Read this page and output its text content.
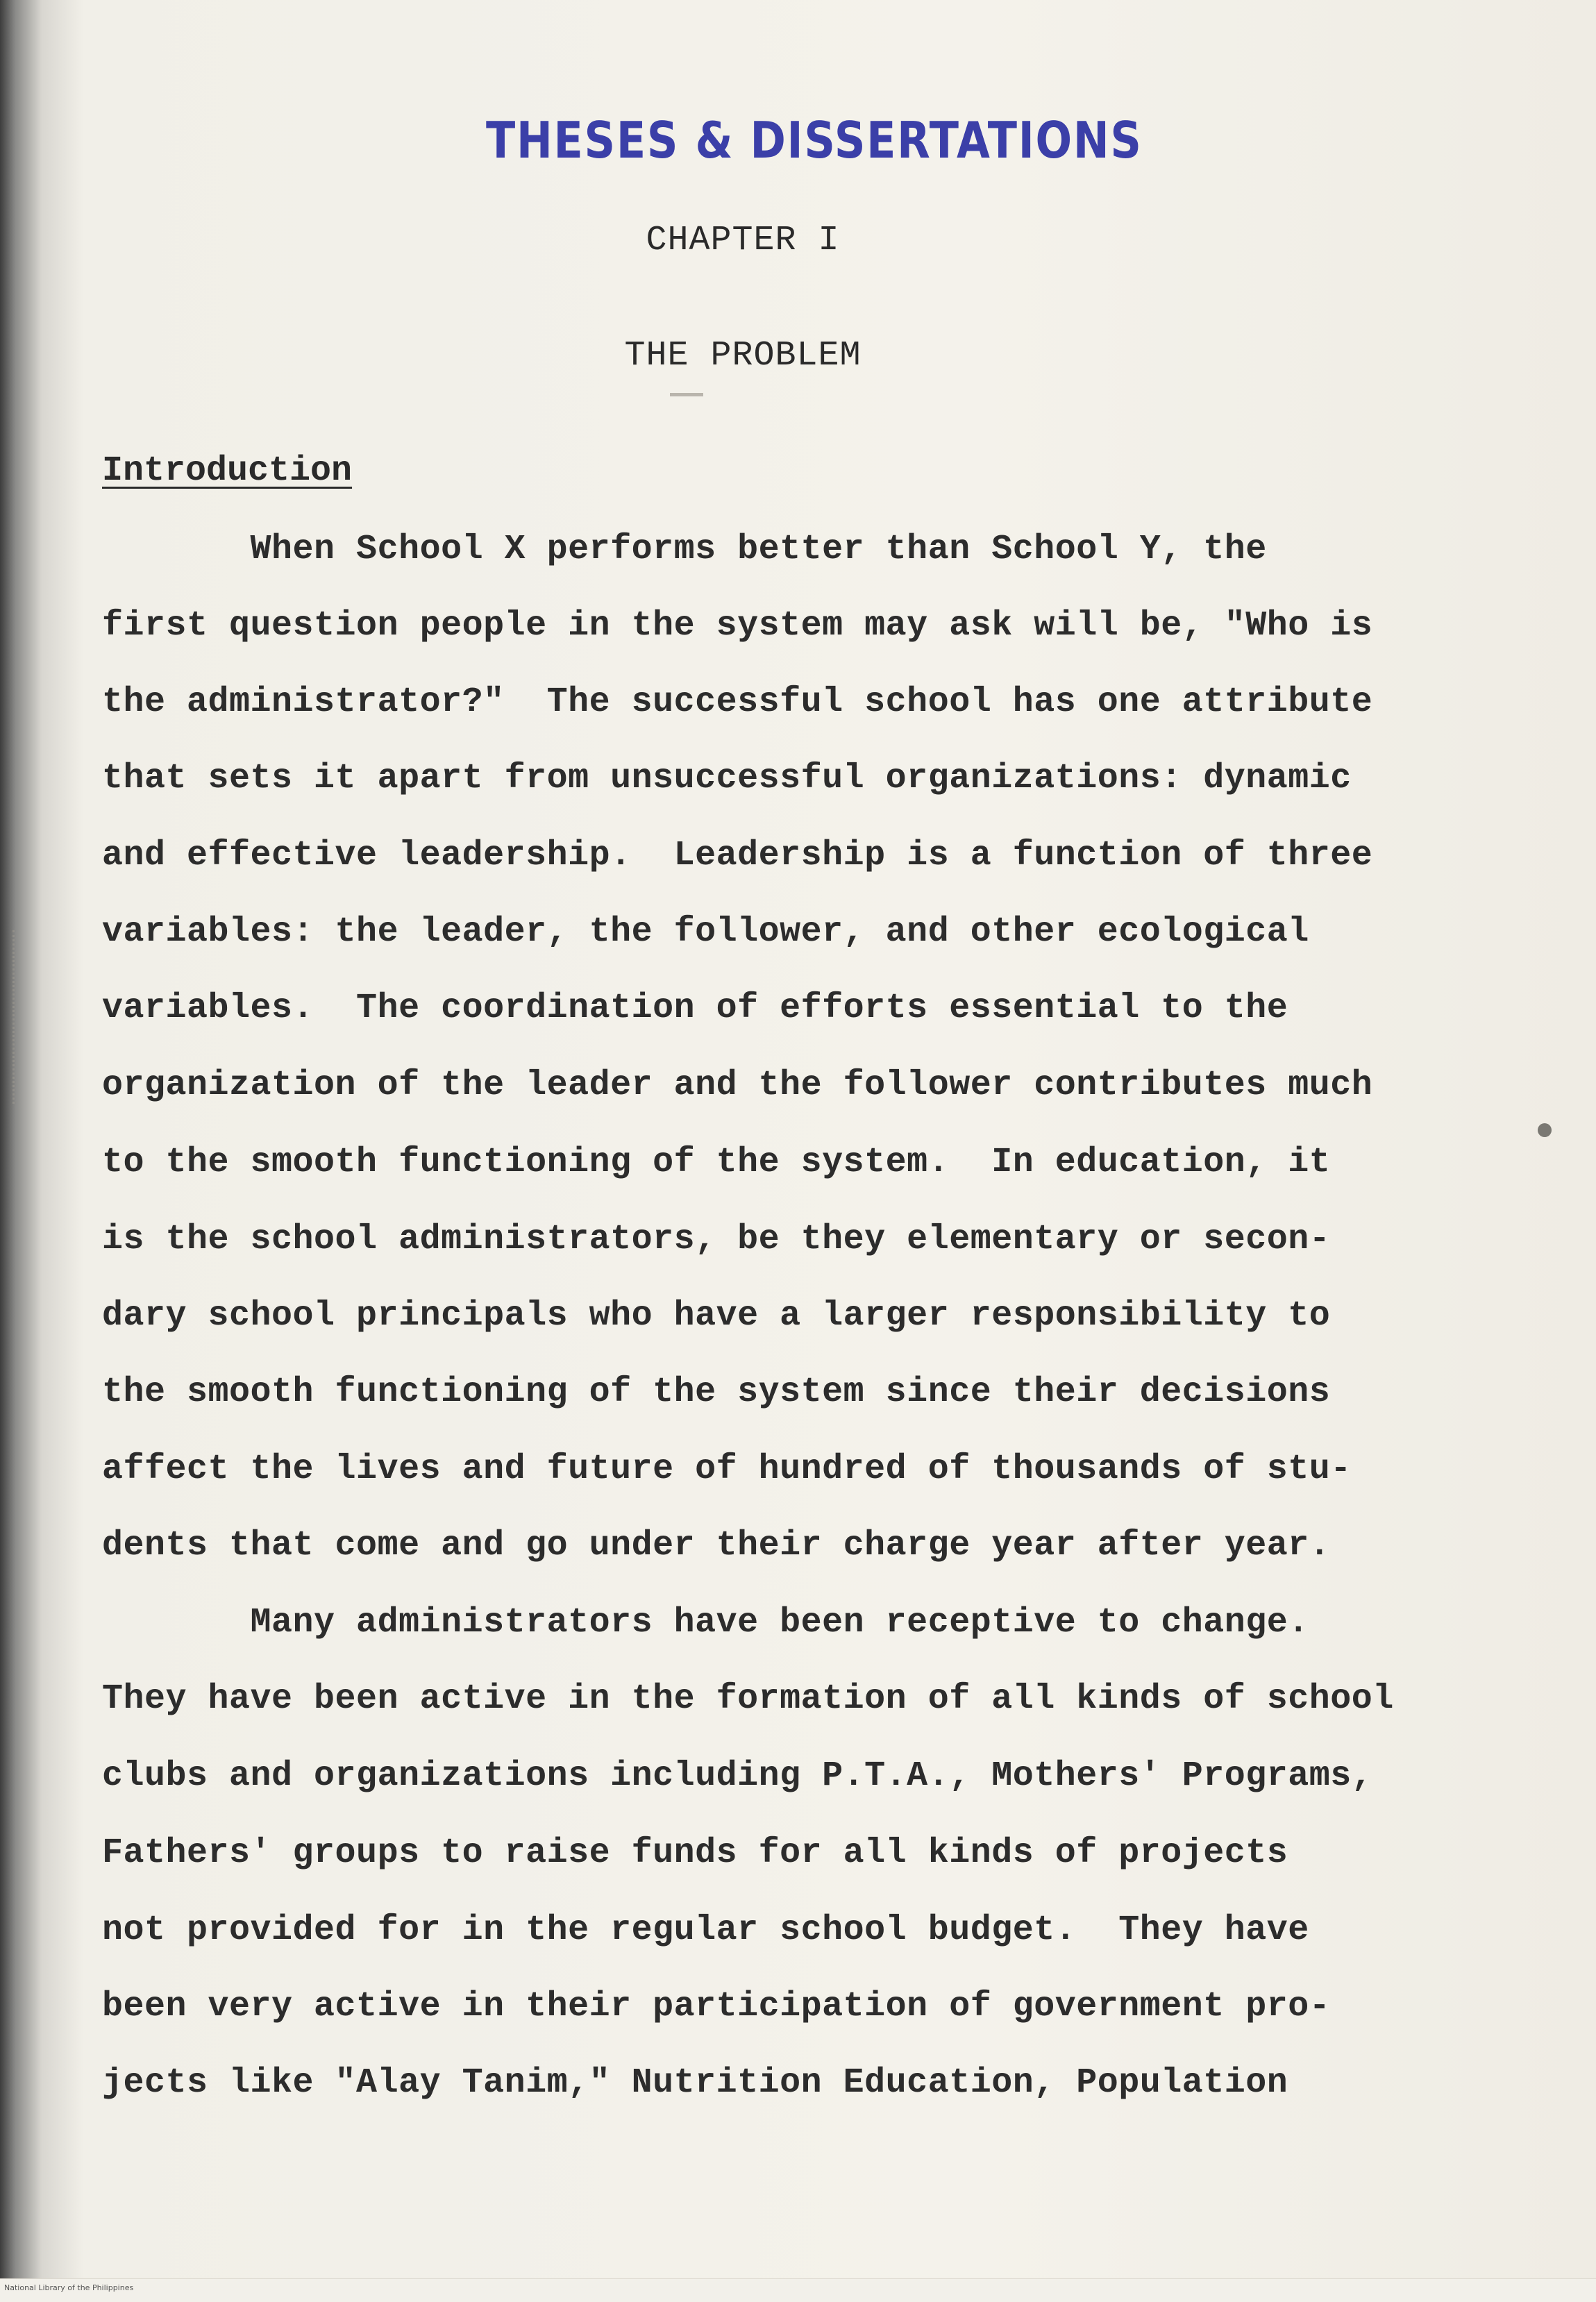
THESES & DISSERTATIONS
CHAPTER I
THE PROBLEM
Introduction
When School X performs better than School Y, the
first question people in the system may ask will be, "Who is
the administrator?"  The successful school has one attribute
that sets it apart from unsuccessful organizations: dynamic
and effective leadership.  Leadership is a function of three
variables: the leader, the follower, and other ecological
variables.  The coordination of efforts essential to the
organization of the leader and the follower contributes much
to the smooth functioning of the system.  In education, it
is the school administrators, be they elementary or secon-
dary school principals who have a larger responsibility to
the smooth functioning of the system since their decisions
affect the lives and future of hundred of thousands of stu-
dents that come and go under their charge year after year.
Many administrators have been receptive to change.
They have been active in the formation of all kinds of school
clubs and organizations including P.T.A., Mothers' Programs,
Fathers' groups to raise funds for all kinds of projects
not provided for in the regular school budget.  They have
been very active in their participation of government pro-
jects like "Alay Tanim," Nutrition Education, Population
National Library of the Philippines
